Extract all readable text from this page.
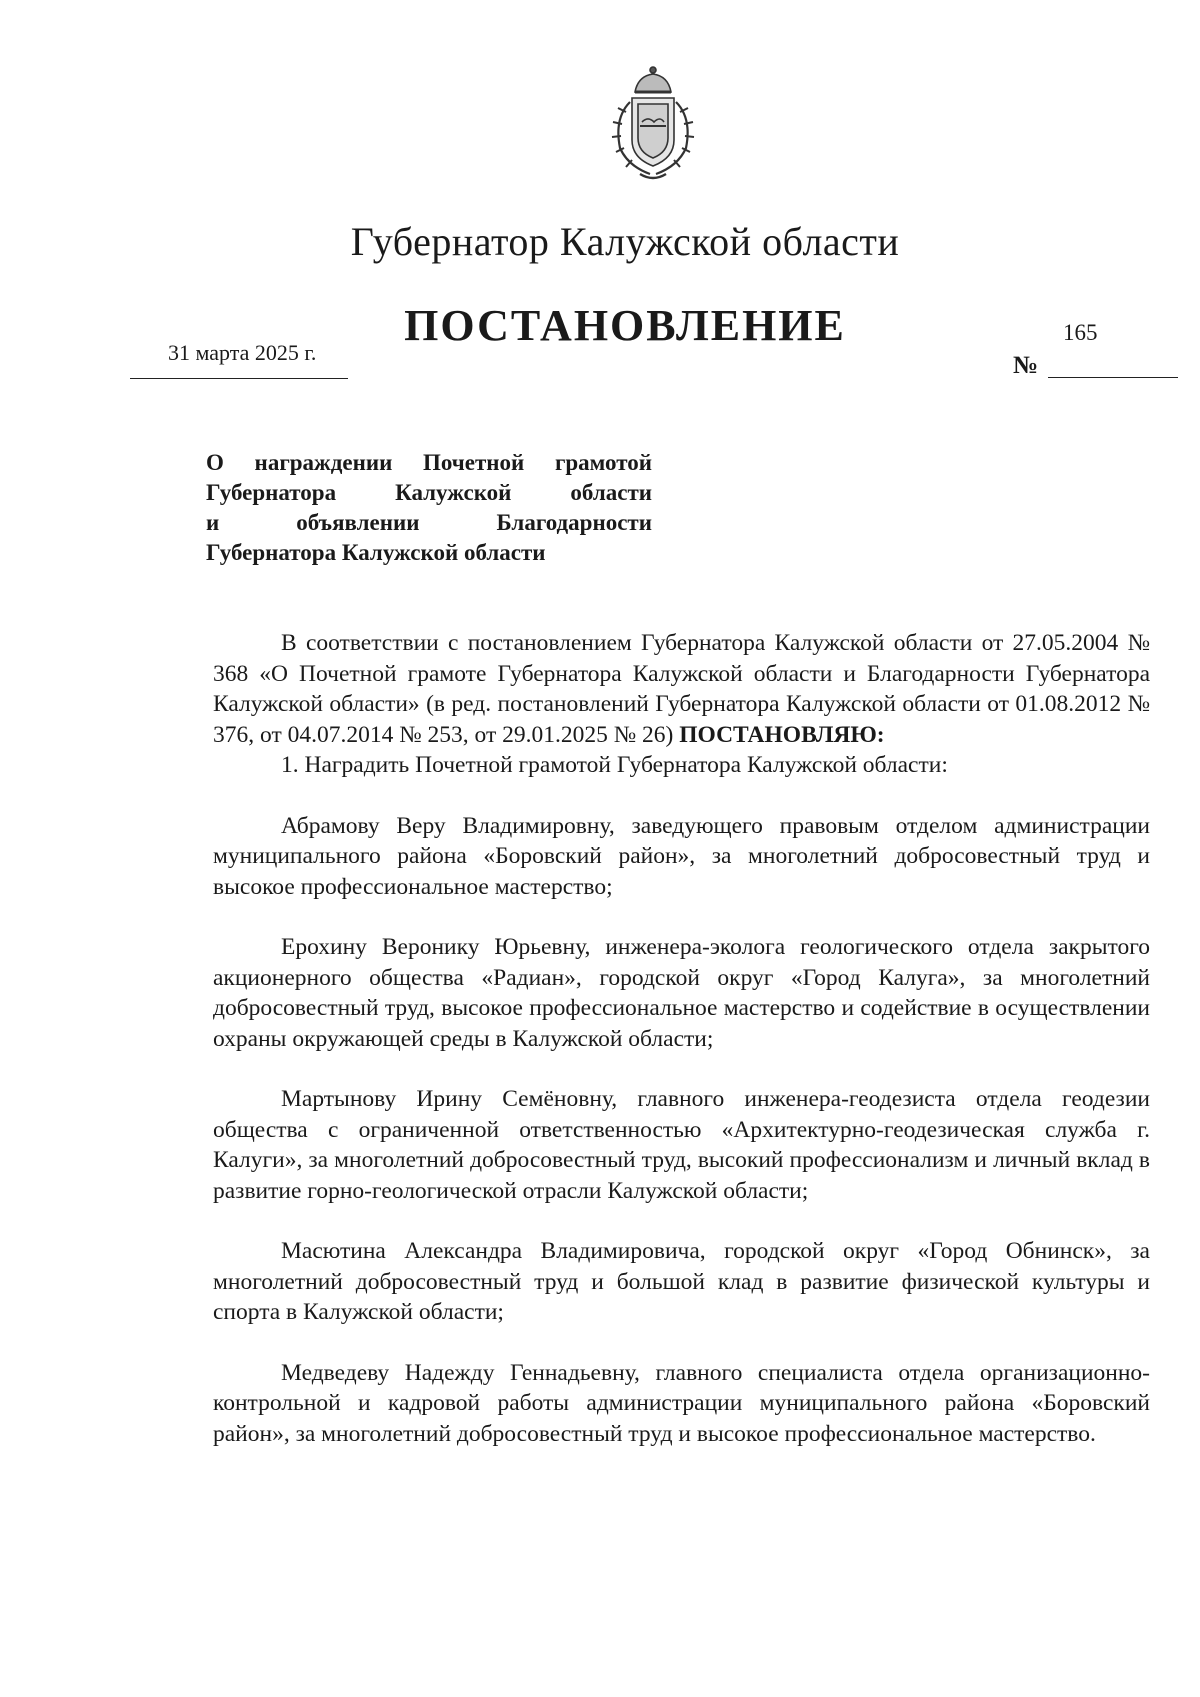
Губернатор Калужской области
ПОСТАНОВЛЕНИЕ
31 марта 2025 г.
165
№
О награждении Почетной грамотой
Губернатора Калужской области
и объявлении Благодарности
Губернатора Калужской области

В соответствии с постановлением Губернатора Калужской области от 27.05.2004 № 368 «О Почетной грамоте Губернатора Калужской области и Благодарности Губернатора Калужской области» (в ред. постановлений Губернатора Калужской области от 01.08.2012 № 376, от 04.07.2014 № 253, от 29.01.2025 № 26) ПОСТАНОВЛЯЮ:

1. Наградить Почетной грамотой Губернатора Калужской области:

Абрамову Веру Владимировну, заведующего правовым отделом администрации муниципального района «Боровский район», за многолетний добросовестный труд и высокое профессиональное мастерство;

Ерохину Веронику Юрьевну, инженера-эколога геологического отдела закрытого акционерного общества «Радиан», городской округ «Город Калуга», за многолетний добросовестный труд, высокое профессиональное мастерство и содействие в осуществлении охраны окружающей среды в Калужской области;

Мартынову Ирину Семёновну, главного инженера-геодезиста отдела геодезии общества с ограниченной ответственностью «Архитектурно-геодезическая служба г. Калуги», за многолетний добросовестный труд, высокий профессионализм и личный вклад в развитие горно-геологической отрасли Калужской области;

Масютина Александра Владимировича, городской округ «Город Обнинск», за многолетний добросовестный труд и большой клад в развитие физической культуры и спорта в Калужской области;

Медведеву Надежду Геннадьевну, главного специалиста отдела организационно-контрольной и кадровой работы администрации муниципального района «Боровский район», за многолетний добросовестный труд и высокое профессиональное мастерство.
